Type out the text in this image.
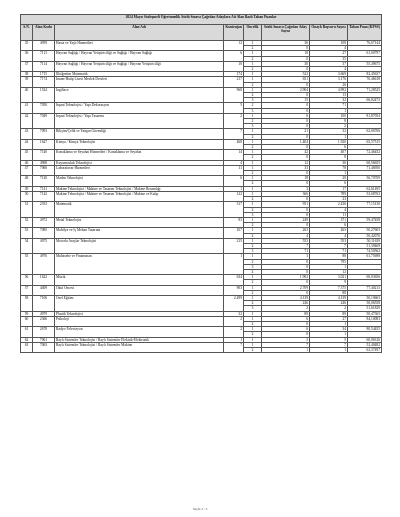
2024 Mayıs Sözleşmeli Öğretmenlik Sözlü Sınava Çağrılan Adaylara Ait Alan Bazlı Taban Puanlar							
S.N.	Alan Kodu	Alan Adı	Kontenjan	Öncelik	Sözlü Sınava Çağrılan Aday Sayısı	Önayh Başvuru Sayısı	Taban Puan (KPSS)
35	4959	Hasta ve Yaşlı Hizmetleri	12	1	36	108	76,67144
				2	0	4	
36	7113	Hayvan Sağlığı / Hayvan Yetiştiriciliği ve Sağlığı / Hayvan Sağlığı	6	1	18	27	61,00797
				2	0	35	
37	7114	Hayvan Sağlığı / Hayvan Yetiştiriciliği ve Sağlığı / Hayvan Yetiştiriciliği	10	1	30	37	55,49675
				2	0	4	
38	1715	İlköğretim Matematik	174	1	522	3.669	82,45637
39	7174	İmam-Hatip Lisesi Meslek Dersleri	217	1	651	3.176	76,46618
				2	0	26	
40	1524	İngilizce	968	1	2.904	4.992	71,28525
				2	0	13	
				3	15	32	66,02473
41	7050	İnşaat Teknolojisi / Yapı Dekorasyon	5	2	0	71	
				3	0	1	
42	7049	İnşaat Teknolojisi / Yapı Tasarımı	2	1	6	100	81,87054
				2	0	8	
				3	0	2	
43	7093	Bilişim/Çelik ve Yangın Güvenliği	7	1	21	32	62,06766
				2	0	1	
44	1627	Kimya / Kimya Teknolojisi	468	1	1.404	1.920	65,57515
				2	0	6	
45	7140	Konaklama ve Seyahat Hizmetleri / Konaklama ve Seyahat	14	1	42	407	72,46452
				2	0	8	
46	4968	Kuyumculuk Teknolojisi	4	1	12	36	60,56655
47	7066	Laboratuvar Hizmetleri	11	1	33	78	71,46950
				2	0	1	
48	7120	Maden Teknolojisi	6	1	18	20	56,70709
				2	0	6	
49	7141	Makine Teknolojisi / Makine ve Tasarım Teknolojisi / Makine Resamlığı	1	1	3	17	62,61495
50	7142	Makine Teknolojisi / Makine ve Tasarım Teknolojisi / Makine ve Kalıp	122	1	366	789	53,68763
				2	0	23	
51	2353	Matematik	317	1	951	2.436	77,15130
				2	0	4	
				3	0	11	
52	4972	Metal Teknolojisi	83	1	249	371	59,47458
				2	0	6	
53	7085	Mobilya ve İç Mekan Tasarımı	107	1	263	263	50,27603
				2	4	4	50,42076
54	4975	Motorlu Araçlar Teknolojisi	215	1	553	553	50,11639
				2	7	7	51,39469
				3	71	71	74,50562
55	4976	Muhasebe ve Finansman	1	1	3	88	61,75698
				2	0	795	
				3	0	1	
				4	0	12	
56	1622	Müzik	634	1	1.902	3.021	60,03656
				2	0	9	
57	4409	Okul Öncesi	903	1	2.709	7.375	77,40213
				2	0	88	
58	7106	Özel Eğitim	2.499	1	4.139	4.139	50,10663
				2	246	246	50,06558
				3	2	2	51,61829
59	4979	Plastik Teknolojisi	32	1	89	89	50,47365
60	2366	Psikoloji	2	1	6	27	84,10083
				2	0	1	
61	2678	Radyo-Televizyon	2	1	6	34	80,54455
				2	0	1	
62	7061	Raylı Sistemler Teknolojisi / Raylı Sistemler Elektrik-Elektronik	1	1	3	5	60,06316
63	7063	Raylı Sistemler Teknolojisi / Raylı Sistemler Makine	7	1	7	7	52,40482
				2	1	1	62,37497
Sayfa 2 / 3
